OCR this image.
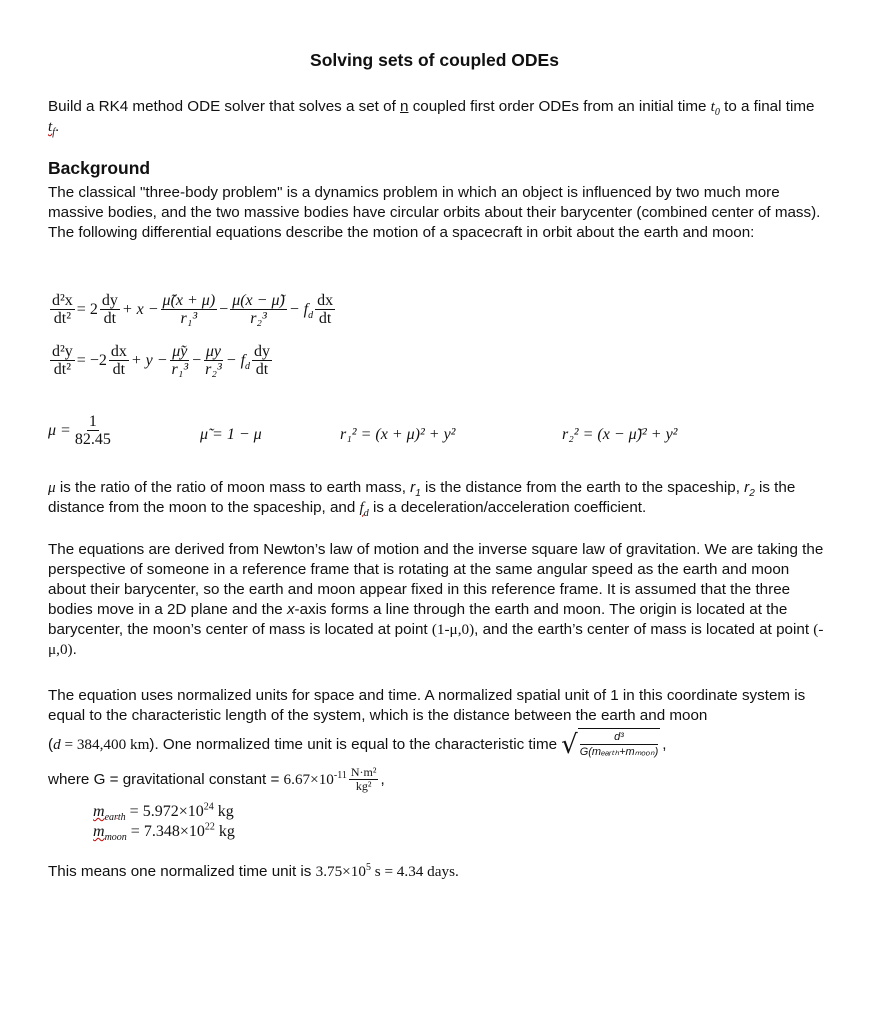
Solving sets of coupled ODEs
Build a RK4 method ODE solver that solves a set of n coupled first order ODEs from an initial time $t_0$ to a final time $t_f$.
Background
The classical "three-body problem" is a dynamics problem in which an object is influenced by two much more massive bodies, and the two massive bodies have circular orbits about their barycenter (combined center of mass). The following differential equations describe the motion of a spacecraft in orbit about the earth and moon:
$\frac{\text{d²x}}{\text{dt²}} = 2 \frac{dy}{dt} + x - \frac{\mũ(x + \mu)}{\text{r₁³}} - \frac{\mu(x - \mũ)}{\text{r₂³}} - f_d \frac{dx}{dt}$
$\frac{\text{d²y}}{\text{dt²}} = -2 \frac{dx}{dt} + y - \frac{\mũy}{\text{r₁³}} - \frac{\mu y}{\text{r₂³}} - f_d \frac{dy}{dt}$
$\mu = \frac{1}{82.45}$	μ̃ = 1 − μ	r₁² = (x + μ)² + y²	r₂² = (x − μ̃)² + y²
μ is the ratio of the ratio of moon mass to earth mass, $r_1$ is the distance from the earth to the spaceship, $r_2$ is the distance from the moon to the spaceship, and $f_d$ is a deceleration/acceleration coefficient.
The equations are derived from Newton’s law of motion and the inverse square law of gravitation. We are taking the perspective of someone in a reference frame that is rotating at the same angular speed as the earth and moon about their barycenter, so the earth and moon appear fixed in this reference frame. It is assumed that the three bodies move in a 2D plane and the x-axis forms a line through the earth and moon. The origin is located at the barycenter, the moon’s center of mass is located at point (1-μ,0), and the earth’s center of mass is located at point (-μ,0).
The equation uses normalized units for space and time. A normalized spatial unit of 1 in this coordinate system is equal to the characteristic length of the system, which is the distance between the earth and moon
( d = 384,400 km ). One normalized time unit is equal to the characteristic time √	d³
G(mₑₐᵣₜₕ+mₘₒₒₙ) ,
where G = gravitational constant = $6.67\times 10^{-11} \frac{\text{N·m²}}{\text{kg²}}$ ,
$m_{earth} = 5.972\times 10^{24}$ kg
$m_{moon} = 7.348\times 10^{22}$ kg
This means one normalized time unit is $3.75\times 10^5$ s = 4.34 days.
